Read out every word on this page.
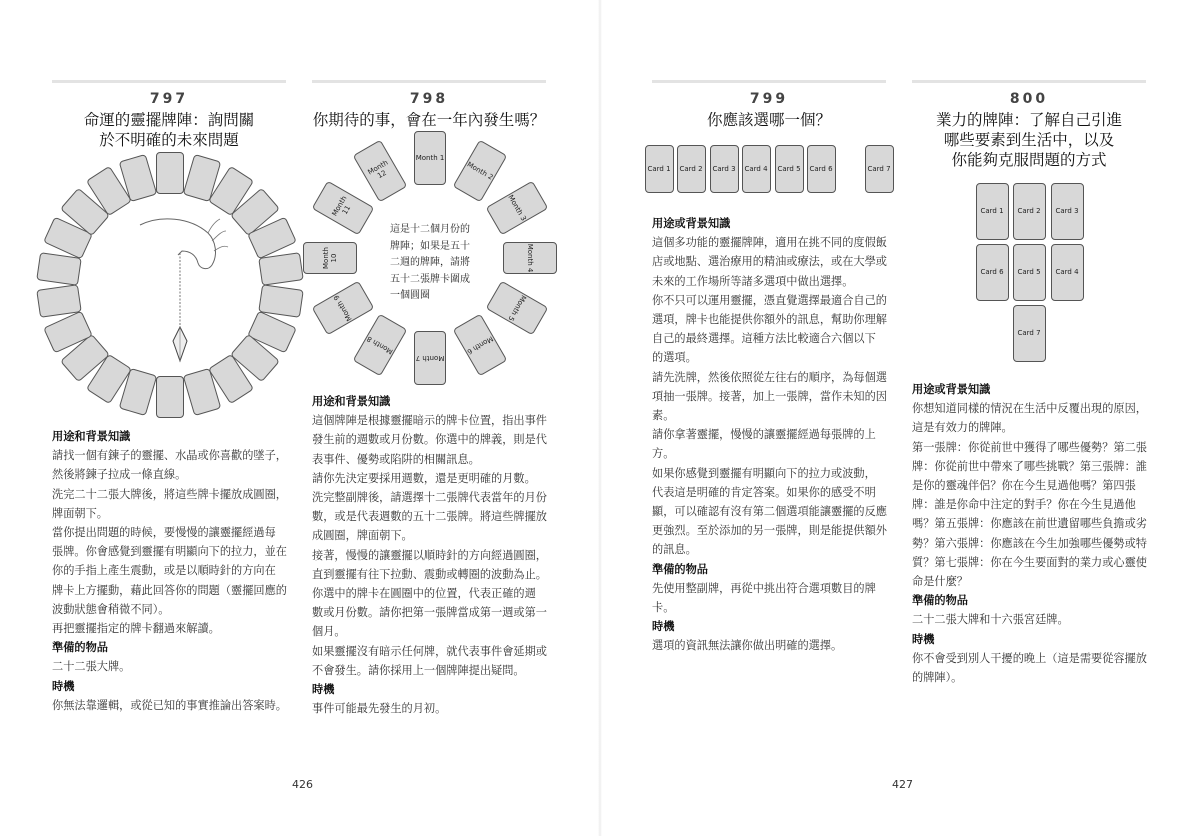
797
命運的靈擺牌陣：詢問關
於不明確的未來問題

用途和背景知識

請找一個有鍊子的靈擺、水晶或你喜歡的墜子，

然後將鍊子拉成一條直線。

洗完二十二張大牌後，將這些牌卡擺放成圓圈，

牌面朝下。

當你提出問題的時候，要慢慢的讓靈擺經過每

張牌。你會感覺到靈擺有明顯向下的拉力，並在

你的手指上產生震動，或是以順時針的方向在

牌卡上方擺動，藉此回答你的問題（靈擺回應的

波動狀態會稍微不同）。

再把靈擺指定的牌卡翻過來解讀。

準備的物品

二十二張大牌。

時機

你無法靠邏輯，或從已知的事實推論出答案時。

798
你期待的事，會在一年內發生嗎？
Month 1
Month 2
Month 3
Month 4
Month 5
Month 6
Month 7
Month 8
Month 9
Month 10
Month 11
Month 12
這是十二個月份的
牌陣；如果是五十
二週的牌陣，請將
五十二張牌卡圍成
一個圓圈

用途和背景知識

這個牌陣是根據靈擺暗示的牌卡位置，指出事件

發生前的週數或月份數。你選中的牌義，則是代

表事件、優勢或陷阱的相關訊息。

請你先決定要採用週數，還是更明確的月數。

洗完整副牌後，請選擇十二張牌代表當年的月份

數，或是代表週數的五十二張牌。將這些牌擺放

成圓圈，牌面朝下。

接著，慢慢的讓靈擺以順時針的方向經過圓圈，

直到靈擺有往下拉動、震動或轉圈的波動為止。

你選中的牌卡在圓圈中的位置，代表正確的週

數或月份數。請你把第一張牌當成第一週或第一

個月。

如果靈擺沒有暗示任何牌，就代表事件會延期或

不會發生。請你採用上一個牌陣提出疑問。

時機

事件可能最先發生的月初。

799
你應該選哪一個？
Card 1 Card 2 Card 3 Card 4 Card 5 Card 6	Card 7

用途或背景知識

這個多功能的靈擺牌陣，適用在挑不同的度假飯

店或地點、選治療用的精油或療法，或在大學或

未來的工作場所等諸多選項中做出選擇。

你不只可以運用靈擺，憑直覺選擇最適合自己的

選項，牌卡也能提供你額外的訊息，幫助你理解

自己的最終選擇。這種方法比較適合六個以下

的選項。

請先洗牌，然後依照從左往右的順序，為每個選

項抽一張牌。接著，加上一張牌，當作未知的因

素。

請你拿著靈擺，慢慢的讓靈擺經過每張牌的上

方。

如果你感覺到靈擺有明顯向下的拉力或波動，

代表這是明確的肯定答案。如果你的感受不明

顯，可以確認有沒有第二個選項能讓靈擺的反應

更強烈。至於添加的另一張牌，則是能提供額外

的訊息。

準備的物品

先使用整副牌，再從中挑出符合選項數目的牌

卡。

時機

選項的資訊無法讓你做出明確的選擇。

800
業力的牌陣：了解自己引進
哪些要素到生活中，以及
你能夠克服問題的方式
Card 1 Card 2 Card 3
Card 6 Card 5 Card 4
Card 7

用途或背景知識

你想知道同樣的情況在生活中反覆出現的原因，

這是有效力的牌陣。

第一張牌：你從前世中獲得了哪些優勢？第二張

牌：你從前世中帶來了哪些挑戰？第三張牌：誰

是你的靈魂伴侶？你在今生見過他嗎？第四張

牌：誰是你命中注定的對手？你在今生見過他

嗎？第五張牌：你應該在前世遺留哪些負擔或劣

勢？第六張牌：你應該在今生加強哪些優勢或特

質？第七張牌：你在今生要面對的業力或心靈使

命是什麼？

準備的物品

二十二張大牌和十六張宮廷牌。

時機

你不會受到別人干擾的晚上（這是需要從容擺放

的牌陣）。

426	427
